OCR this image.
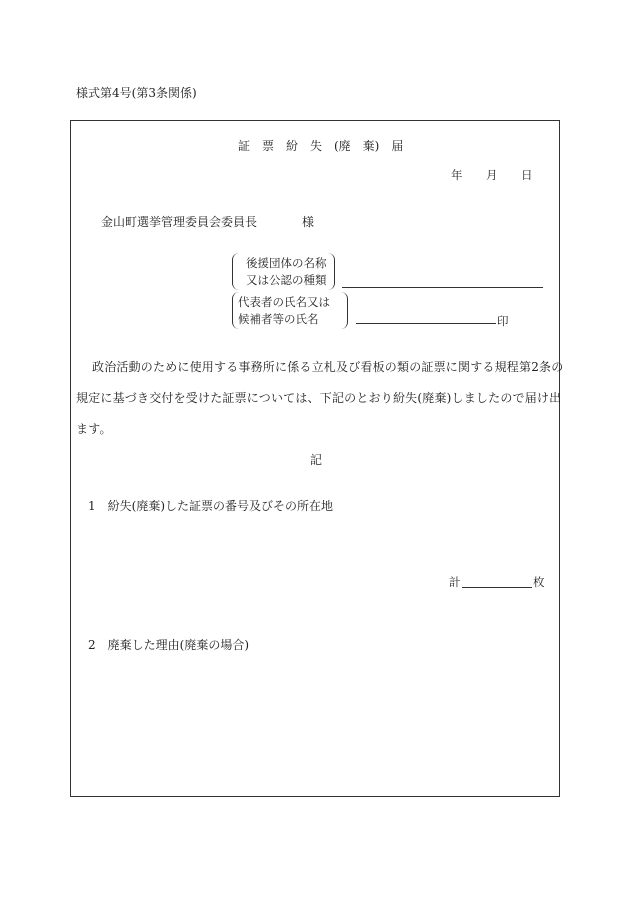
様式第4号(第3条関係)
証　票　紛　失　(廃　棄)　届
年 月 日
金山町選挙管理委員会委員長	様
後援団体の名称
又は公認の種類
代表者の氏名又は
候補者等の氏名	印
政治活動のために使用する事務所に係る立札及び看板の類の証票に関する規程第2条の
規定に基づき交付を受けた証票については、下記のとおり紛失(廃棄)しましたので届け出
ます。
記
1　 紛失(廃棄)した証票の番号及びその所在地
計	枚
2　 廃棄した理由(廃棄の場合)
